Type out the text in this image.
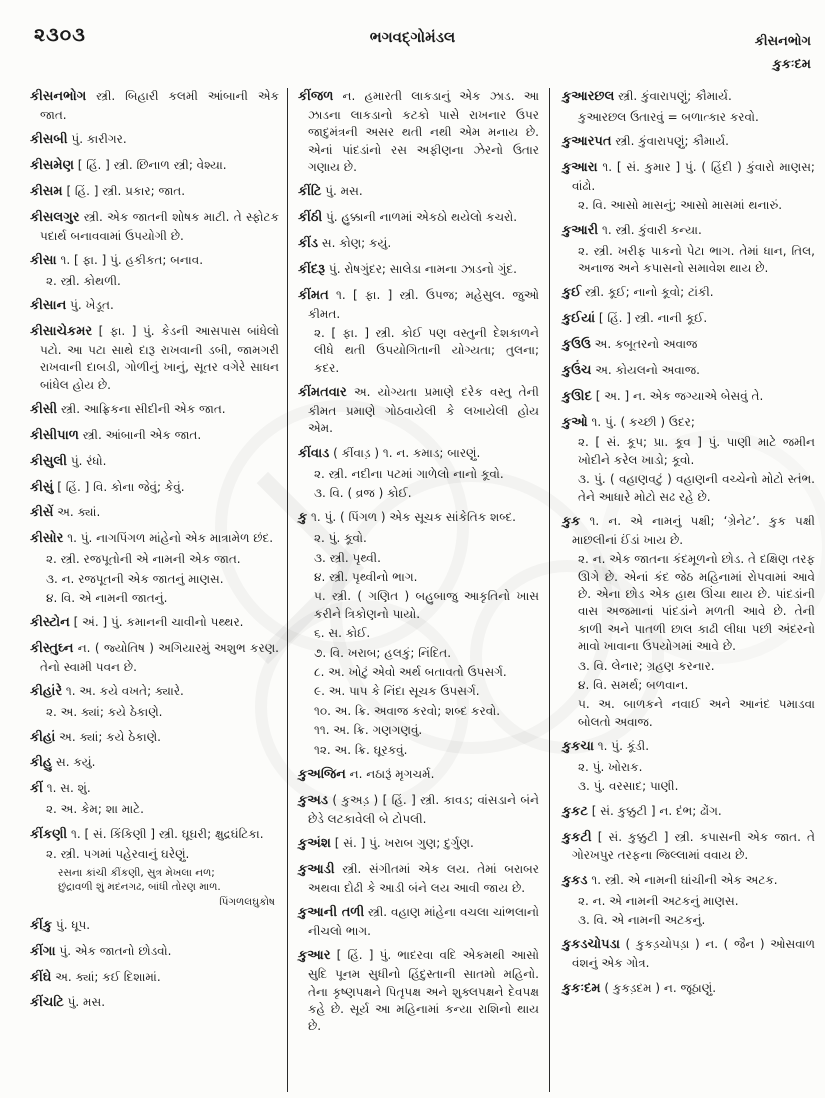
૨૩૦૩	ભગવદ્ગોમંડલ	કીસનભોગ
કુકઃદમ

કીસનભોગ સ્ત્રી. બિહારી કલમી આંબાની એક જાત.

કીસબી પું. કારીગર.

કીસમેણ [ હિં. ] સ્ત્રી. છિનાળ સ્ત્રી; વેશ્યા.

કીસમ [ હિં. ] સ્ત્રી. પ્રકાર; જાત.

કીસલગુર સ્ત્રી. એક જાતની શોષક માટી. તે સ્ફોટક પદાર્થ બનાવવામાં ઉપયોગી છે.

કીસા ૧. [ ફા. ] પું. હકીકત; બનાવ.

૨. સ્ત્રી. કોથળી.

કીસાન પું. ખેડૂત.

કીસાચેકમર [ ફા. ] પું. કેડની આસપાસ બાંધેલો પટો. આ પટા સાથે દારૂ રાખવાની ડબી, જામગરી રાખવાની દાબડી, ગોળીનું ખાનું, સૂતર વગેરે સાધન બાંધેલ હોય છે.

કીસી સ્ત્રી. આફ્રિકના સીદીની એક જાત.

કીસીપાળ સ્ત્રી. આંબાની એક જાત.

કીસુલી પું. રંધો.

કીસું [ હિં. ] વિ. કોના જેવું; કેવું.

કીસેં અ. ક્યાં.

કીસોર ૧. પું. નાગપિંગળ માંહેનો એક માત્રામેળ છંદ.

૨. સ્ત્રી. રજપૂતોની એ નામની એક જાત.

૩. ન. રજપૂતની એક જાતનું માણસ.

૪. વિ. એ નામની જાતનું.

કીસ્ટોન [ અં. ] પું. કમાનની ચાવીનો પથ્થર.

કીસ્તુઘ્ન ન. ( જ્યોતિષ ) અગિયારમું અશુભ કરણ. તેનો સ્વામી પવન છે.

કીહાંરે ૧. અ. કયે વખતે; ક્યારે.

૨. અ. ક્યાં; કયે ઠેકાણે.

કીહાં અ. ક્યાં; કયે ઠેકાણે.

કીહુ સ. કયું.

કીં ૧. સ. શું.

૨. અ. કેમ; શા માટે.

કીંકણી ૧. [ સં. કિંકિણી ] સ્ત્રી. ઘૂઘરી; ક્ષુદ્રઘંટિકા.

૨. સ્ત્રી. પગમાં પહેરવાનું ઘરેણું.

રસના કાંચી કીંકણી, સુત્ર મેખલા નળ;

છુંદ્રાવળી શું મદનગઢ, બાંધી તોરણ માળ.

પિંગળલઘુકોષ

કીંકુ પું. ધૂપ.

કીંગા પું. એક જાતનો છોડવો.

કીંઘે અ. ક્યાં; કઈ દિશામાં.

કીંચટિ પું. મસ.

કીંજળ ન. હમારતી લાકડાનું એક ઝાડ. આ ઝાડના લાકડાનો કટકો પાસે રાખનાર ઉપર જાદુમંત્રની અસર થતી નથી એમ મનાય છે. એનાં પાંદડાંનો રસ અફીણના ઝેરનો ઉતાર ગણાય છે.

કીંટિ પું. મસ.

કીંઠી પું. હુક્કાની નાળમાં એકઠો થયેલો કચરો.

કીંડ સ. કોણ; કયું.

કીંદરૂ પું. રોષગુંદર; સાલેડા નામના ઝાડનો ગુંદ.

કીંમત ૧. [ ફા. ] સ્ત્રી. ઉપજ; મહેસુલ. જુઓ કીમત.

૨. [ ફા. ] સ્ત્રી. કોઈ પણ વસ્તુની દેશકાળને લીધે થતી ઉપયોગિતાની યોગ્યતા; તુલના; કદર.

કીંમતવાર અ. યોગ્યતા પ્રમાણે દરેક વસ્તુ તેની કીમત પ્રમાણે ગોઠવાયેલી કે લખાયેલી હોય એમ.

કીંવાડ ( કીંવાડ઼ ) ૧. ન. કમાડ; બારણું.

૨. સ્ત્રી. નદીના પટમાં ગાળેલો નાનો કૂવો.

૩. વિ. ( વ્રજ ) કોઈ.

કુ ૧. પું. ( પિંગળ ) એક સૂચક સાંકેતિક શબ્દ.

૨. પું. કૂવો.

૩. સ્ત્રી. પૃથ્વી.

૪. સ્ત્રી. પૃથ્વીનો ભાગ.

૫. સ્ત્રી. ( ગણિત ) બહુબાજુ આકૃતિનો ખાસ કરીને ત્રિકોણનો પાયો.

૬. સ. કોઈ.

૭. વિ. ખરાબ; હલકું; નિંદિત.

૮. અ. ખોટું એવો અર્થ બતાવતો ઉપસર્ગ.

૯. અ. પાપ કે નિંદા સૂચક ઉપસર્ગ.

૧૦. અ. ક્રિ. અવાજ કરવો; શબ્દ કરવો.

૧૧. અ. ક્રિ. ગણગણવું.

૧૨. અ. ક્રિ. ઘૂરકવું.

કુઅજિન ન. નઠારૂં મૃગચર્મ.

કુઅડ ( કુઅડ઼ ) [ હિં. ] સ્ત્રી. કાવડ; વાંસડાને બંને છેડે લટકાવેલી બે ટોપલી.

કુઅંશ [ સં. ] પું. ખરાબ ગુણ; દુર્ગુણ.

કુઆડી સ્ત્રી. સંગીતમાં એક લય. તેમાં બરાબર અથવા દોઢી કે આડી બંને લય આવી જાય છે.

કુઆની તળી સ્ત્રી. વહાણ માંહેના વચલા ચાંભલાનો નીચલો ભાગ.

કુઆર [ હિં. ] પું. ભાદરવા વદિ એકમથી આસો સુદિ પૂનમ સુધીનો હિંદુસ્તાની સાતમો મહિનો. તેના કૃષ્ણપક્ષને પિતૃપક્ષ અને શુક્લપક્ષને દેવપક્ષ કહે છે. સૂર્ય આ મહિનામાં કન્યા રાશિનો થાય છે.

કુઆરછલ સ્ત્રી. કુંવારાપણું; કૌમાર્ય.

કુઆરછલ ઉતારવું = બળાત્કાર કરવો.

કુઆરપત સ્ત્રી. કુંવારાપણું; કૌમાર્ય.

કુઆરા ૧. [ સં. કુમાર ] પું. ( હિંદી ) કુંવારો માણસ; વાંઢો.

૨. વિ. આસો માસનું; આસો માસમાં થનારું.

કુઆરી ૧. સ્ત્રી. કુંવારી કન્યા.

૨. સ્ત્રી. ખરીફ પાકનો પેટા ભાગ. તેમાં ધાન, તિલ, અનાજ અને કપાસનો સમાવેશ થાય છે.

કુઈ સ્ત્રી. કૂઈ; નાનો કૂવો; ટાંકી.

કુઈયાં [ હિં. ] સ્ત્રી. નાની કૂઈ.

કુઉઉ અ. કબૂતરનો અવાજ

કુઉંચ અ. કોયલનો અવાજ.

કુઊદ [ અ. ] ન. એક જગ્યાએ બેસવું તે.

કુઓ ૧. પું. ( કચ્છી ) ઉદર;

૨. [ સં. કૂપ; પ્રા. કૂવ ] પું. પાણી માટે જમીન ખોદીને કરેલ ખાડો; કૂવો.

૩. પું. ( વહાણવટું ) વહાણની વચ્ચેનો મોટો સ્તંભ. તેને આધારે મોટો સઢ રહે છે.

કુક ૧. ન. એ નામનું પક્ષી; ‘ગ્રેનેટ’. કુક પક્ષી માછલીનાં ઈંડાં ખાય છે.

૨. ન. એક જાતના કંદમૂળનો છોડ. તે દક્ષિણ તરફ ઊગે છે. એનાં કંદ જેઠ મહિનામાં રોપવામાં આવે છે. એના છોડ એક હાથ ઊંચા થાય છે. પાંદડાંની વાસ અજમાનાં પાંદડાંને મળતી આવે છે. તેની કાળી અને પાતળી છાલ કાઢી લીધા પછી અંદરનો માવો ખાવાના ઉપયોગમાં આવે છે.

૩. વિ. લેનાર; ગ્રહણ કરનાર.

૪. વિ. સમર્થ; બળવાન.

૫. અ. બાળકને નવાઈ અને આનંદ પમાડવા બોલતો અવાજ.

કુકચા ૧. પું. કૂંડી.

૨. પું. ખોરાક.

૩. પું. વરસાદ; પાણી.

કુકટ [ સં. કુક્કુટી ] ન. દંભ; ઢોંગ.

કુકટી [ સં. કુક્કુટી ] સ્ત્રી. કપાસની એક જાત. તે ગોરખપુર તરફના જિલ્લામાં વવાય છે.

કુકડ ૧. સ્ત્રી. એ નામની ઘાંચીની એક અટક.

૨. ન. એ નામની અટકનું માણસ.

૩. વિ. એ નામની અટકનું.

કુકડચોપડા ( કુકડ઼ચોપડ઼ા ) ન. ( જૈન ) ઓસવાળ વંશનું એક ગોત્ર.

કુકઃદમ ( કુકડ઼દમ ) ન. જૂઠાણું.
